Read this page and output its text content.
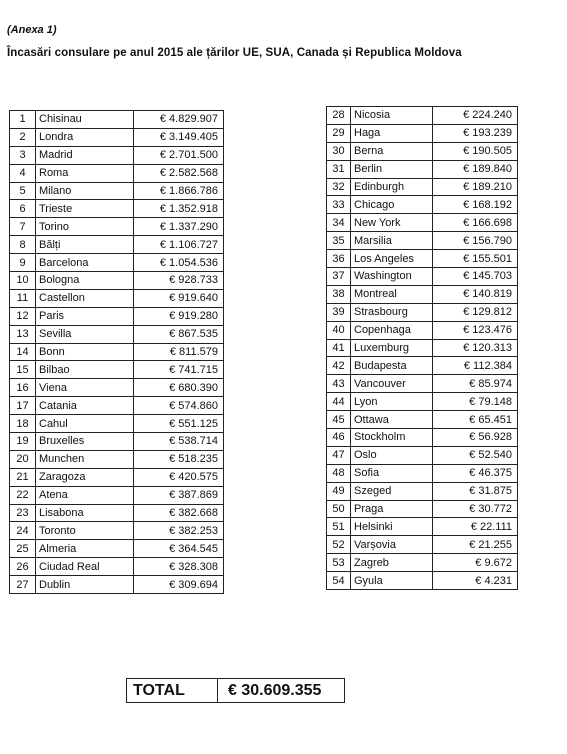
(Anexa 1)
Încasări consulare pe anul 2015 ale țărilor UE, SUA, Canada și Republica Moldova
1	Chisinau	€ 4.829.907
2	Londra	€ 3.149.405
3	Madrid	€ 2.701.500
4	Roma	€ 2.582.568
5	Milano	€ 1.866.786
6	Trieste	€ 1.352.918
7	Torino	€ 1.337.290
8	Bălți	€ 1.106.727
9	Barcelona	€ 1.054.536
10	Bologna	€ 928.733
11	Castellon	€ 919.640
12	Paris	€ 919.280
13	Sevilla	€ 867.535
14	Bonn	€ 811.579
15	Bilbao	€ 741.715
16	Viena	€ 680.390
17	Catania	€ 574.860
18	Cahul	€ 551.125
19	Bruxelles	€ 538.714
20	Munchen	€ 518.235
21	Zaragoza	€ 420.575
22	Atena	€ 387.869
23	Lisabona	€ 382.668
24	Toronto	€ 382.253
25	Almeria	€ 364.545
26	Ciudad Real	€ 328.308
27	Dublin	€ 309.694
28	Nicosia	€ 224.240
29	Haga	€ 193.239
30	Berna	€ 190.505
31	Berlin	€ 189.840
32	Edinburgh	€ 189.210
33	Chicago	€ 168.192
34	New York	€ 166.698
35	Marsilia	€ 156.790
36	Los Angeles	€ 155.501
37	Washington	€ 145.703
38	Montreal	€ 140.819
39	Strasbourg	€ 129.812
40	Copenhaga	€ 123.476
41	Luxemburg	€ 120.313
42	Budapesta	€ 112.384
43	Vancouver	€ 85.974
44	Lyon	€ 79.148
45	Ottawa	€ 65.451
46	Stockholm	€ 56.928
47	Oslo	€ 52.540
48	Sofia	€ 46.375
49	Szeged	€ 31.875
50	Praga	€ 30.772
51	Helsinki	€ 22.111
52	Varșovia	€ 21.255
53	Zagreb	€ 9.672
54	Gyula	€ 4.231
TOTAL	€ 30.609.355
